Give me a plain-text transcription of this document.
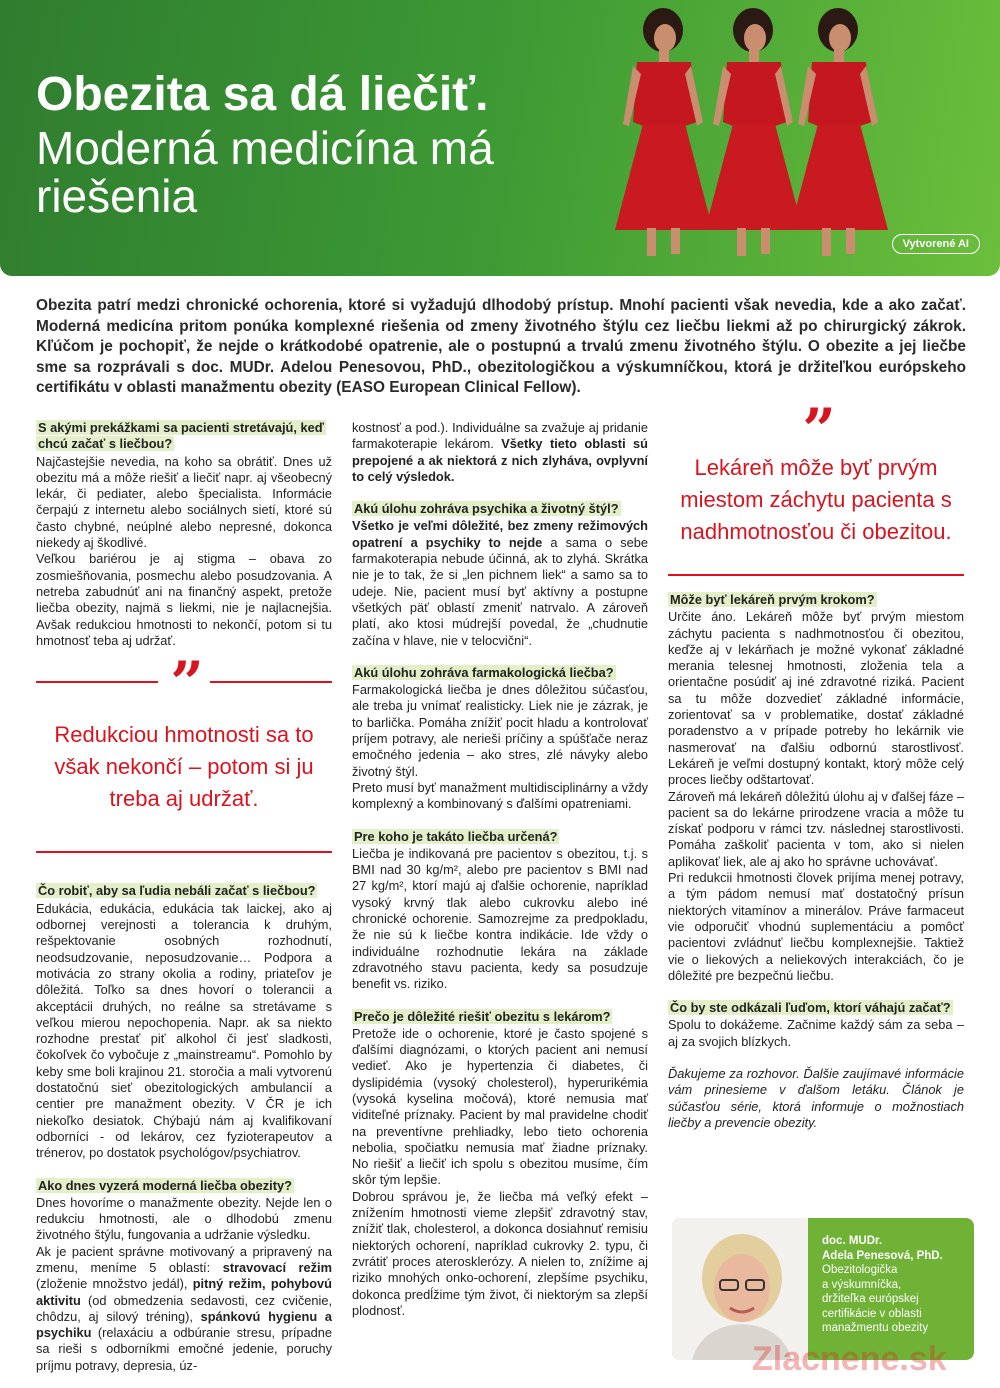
Obezita sa dá liečiť.
Moderná medicína má riešenia
Vytvorené AI

Obezita patrí medzi chronické ochorenia, ktoré si vyžadujú dlhodobý prístup. Mnohí pacienti však nevedia, kde a ako začať. Moderná medicína pritom ponúka komplexné riešenia od zmeny životného štýlu cez liečbu liekmi až po chirurgický zákrok. Kľúčom je pochopiť, že nejde o krátkodobé opatrenie, ale o postupnú a trvalú zmenu životného štýlu. O obezite a jej liečbe sme sa rozprávali s doc. MUDr. Adelou Penesovou, PhD., obezitologičkou a výskumníčkou, ktorá je držiteľkou európskeho certifikátu v oblasti manažmentu obezity (EASO European Clinical Fellow).

S akými prekážkami sa pacienti stretávajú, keď chcú začať s liečbou?

Najčastejšie nevedia, na koho sa obrátiť. Dnes už obezitu má a môže riešiť a liečiť napr. aj všeobecný lekár, či pediater, alebo špecialista. Informácie čerpajú z internetu alebo sociálnych sietí, ktoré sú často chybné, neúplné alebo nepresné, dokonca niekedy aj škodlivé.

Veľkou bariérou je aj stigma – obava zo zosmiešňovania, posmechu alebo posudzovania. A netreba zabudnúť ani na finančný aspekt, pretože liečba obezity, najmä s liekmi, nie je najlacnejšia. Avšak redukciou hmotnosti to nekončí, potom si tu hmotnosť teba aj udržať.

”
Redukciou hmotnosti sa to však nekončí – potom si ju treba aj udržať.
Čo robiť, aby sa ľudia nebáli začať s liečbou?

Edukácia, edukácia, edukácia tak laickej, ako aj odbornej verejnosti a tolerancia k druhým, rešpektovanie osobných rozhodnutí, neodsudzovanie, neposudzovanie… Podpora a motivácia zo strany okolia a rodiny, priateľov je dôležitá. Toľko sa dnes hovorí o tolerancii a akceptácii druhých, no reálne sa stretávame s veľkou mierou nepochopenia. Napr. ak sa niekto rozhodne prestať piť alkohol či jesť sladkosti, čokoľvek čo vybočuje z „mainstreamu“. Pomohlo by keby sme boli krajinou 21. storočia a mali vytvorenú dostatočnú sieť obezitologických ambulancií a centier pre manažment obezity. V ČR je ich niekoľko desiatok. Chýbajú nám aj kvalifikovaní odborníci - od lekárov, cez fyzioterapeutov a trénerov, po dostatok psychológov/psychiatrov.

Ako dnes vyzerá moderná liečba obezity?

Dnes hovoríme o manažmente obezity. Nejde len o redukciu hmotnosti, ale o dlhodobú zmenu životného štýlu, fungovania a udržanie výsledku.

Ak je pacient správne motivovaný a pripravený na zmenu, meníme 5 oblastí: stravovací režim (zloženie množstvo jedál), pitný režim, pohybovú aktivitu (od obmedzenia sedavosti, cez cvičenie, chôdzu, aj silový tréning), spánkovú hygienu a psychiku (relaxáciu a odbúranie stresu, prípadne sa rieši s odborníkmi emočné jedenie, poruchy príjmu potravy, depresia, úz-

kostnosť a pod.). Individuálne sa zvažuje aj pridanie farmakoterapie lekárom. Všetky tieto oblasti sú prepojené a ak niektorá z nich zlyháva, ovplyvní to celý výsledok.

Akú úlohu zohráva psychika a životný štýl?

Všetko je veľmi dôležité, bez zmeny režimových opatrení a psychiky to nejde a sama o sebe farmakoterapia nebude účinná, ak to zlyhá. Skrátka nie je to tak, že si „len pichnem liek“ a samo sa to udeje. Nie, pacient musí byť aktívny a postupne všetkých päť oblastí zmeniť natrvalo. A zároveň platí, ako ktosi múdrejší povedal, že „chudnutie začína v hlave, nie v telocvični“.

Akú úlohu zohráva farmakologická liečba?

Farmakologická liečba je dnes dôležitou súčasťou, ale treba ju vnímať realisticky. Liek nie je zázrak, je to barlička. Pomáha znížiť pocit hladu a kontrolovať príjem potravy, ale nerieši príčiny a spúšťače neraz emočného jedenia – ako stres, zlé návyky alebo životný štýl.

Preto musí byť manažment multidisciplinárny a vždy komplexný a kombinovaný s ďalšími opatreniami.

Pre koho je takáto liečba určená?

Liečba je indikovaná pre pacientov s obezitou, t.j. s BMI nad 30 kg/m², alebo pre pacientov s BMI nad 27 kg/m², ktorí majú aj ďalšie ochorenie, napríklad vysoký krvný tlak alebo cukrovku alebo iné chronické ochorenie. Samozrejme za predpokladu, že nie sú k liečbe kontra indikácie. Ide vždy o individuálne rozhodnutie lekára na základe zdravotného stavu pacienta, kedy sa posudzuje benefit vs. riziko.

Prečo je dôležité riešiť obezitu s lekárom?

Pretože ide o ochorenie, ktoré je často spojené s ďalšími diagnózami, o ktorých pacient ani nemusí vedieť. Ako je hypertenzia či diabetes, či dyslipidémia (vysoký cholesterol), hyperurikémia (vysoká kyselina močová), ktoré nemusia mať viditeľné príznaky. Pacient by mal pravidelne chodiť na preventívne prehliadky, lebo tieto ochorenia nebolia, spočiatku nemusia mať žiadne príznaky. No riešiť a liečiť ich spolu s obezitou musíme, čím skôr tým lepšie.

Dobrou správou je, že liečba má veľký efekt – znížením hmotnosti vieme zlepšiť zdravotný stav, znížiť tlak, cholesterol, a dokonca dosiahnuť remisiu niektorých ochorení, napríklad cukrovky 2. typu, či zvrátiť proces aterosklerózy. A nielen to, znížime aj riziko mnohých onko-ochorení, zlepšíme psychiku, dokonca predĺžime tým život, či niektorým sa zlepší plodnosť.

”
Lekáreň môže byť prvým miestom záchytu pacienta s nadhmotnosťou či obezitou.
Môže byť lekáreň prvým krokom?

Určite áno. Lekáreň môže byť prvým miestom záchytu pacienta s nadhmotnosťou či obezitou, keďže aj v lekárňach je možné vykonať základné merania telesnej hmotnosti, zloženia tela a orientačne posúdiť aj iné zdravotné riziká. Pacient sa tu môže dozvedieť základné informácie, zorientovať sa v problematike, dostať základné poradenstvo a v prípade potreby ho lekárnik vie nasmerovať na ďalšiu odbornú starostlivosť. Lekáreň je veľmi dostupný kontakt, ktorý môže celý proces liečby odštartovať.

Zároveň má lekáreň dôležitú úlohu aj v ďalšej fáze – pacient sa do lekárne prirodzene vracia a môže tu získať podporu v rámci tzv. následnej starostlivosti. Pomáha zaškoliť pacienta v tom, ako si nielen aplikovať liek, ale aj ako ho správne uchovávať.

Pri redukcii hmotnosti človek prijíma menej potravy, a tým pádom nemusí mať dostatočný prísun niektorých vitamínov a minerálov. Práve farmaceut vie odporučiť vhodnú suplementáciu a pomôcť pacientovi zvládnuť liečbu komplexnejšie. Taktiež vie o liekových a neliekových interakciách, čo je dôležité pre bezpečnú liečbu.

Čo by ste odkázali ľuďom, ktorí váhajú začať?

Spolu to dokážeme. Začnime každý sám za seba – aj za svojich blízkych.

Ďakujeme za rozhovor. Ďalšie zaujímavé informácie vám prinesieme v ďalšom letáku. Článok je súčasťou série, ktorá informuje o možnostiach liečby a prevencie obezity.

doc. MUDr.
Adela Penesová, PhD.
Obezitologička
a výskumníčka,
držiteľka európskej
certifikácie v oblasti
manažmentu obezity
Zlacnene.sk
